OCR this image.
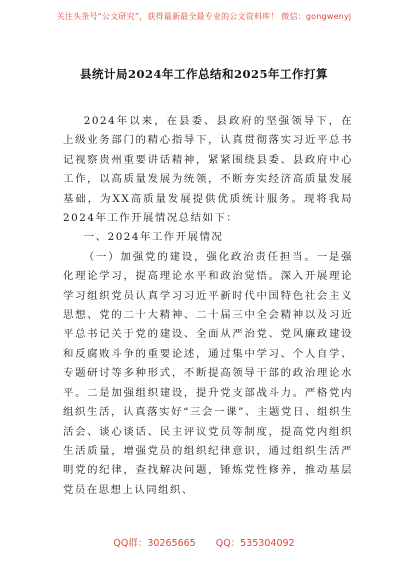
关注头条号“公文研究”，获得最新最全最专业的公文资料库！ 微信：gongwenyj
县统计局2024年工作总结和2025年工作打算

2024年以来，在县委、县政府的坚强领导下，在上级业务部门的精心指导下，认真贯彻落实习近平总书记视察贵州重要讲话精神，紧紧围绕县委、县政府中心工作，以高质量发展为统领，不断夯实经济高质量发展基础，为XX高质量发展提供优质统计服务。现将我局2024年工作开展情况总结如下：

一、2024年工作开展情况

（一）加强党的建设，强化政治责任担当。一是强化理论学习，提高理论水平和政治觉悟。深入开展理论学习组织党员认真学习习近平新时代中国特色社会主义思想、党的二十大精神、二十届三中全会精神以及习近平总书记关于党的建设、全面从严治党、党风廉政建设和反腐败斗争的重要论述，通过集中学习、个人自学、专题研讨等多种形式，不断提高领导干部的政治理论水平。二是加强组织建设，提升党支部战斗力。严格党内组织生活，认真落实好“三会一课”、主题党日、组织生活会、谈心谈话、民主评议党员等制度，提高党内组织生活质量，增强党员的组织纪律意识，通过组织生活严明党的纪律，查找解决问题，锤炼党性修养，推动基层党员在思想上认同组织、

QQ群：30265665 QQ：535304092
